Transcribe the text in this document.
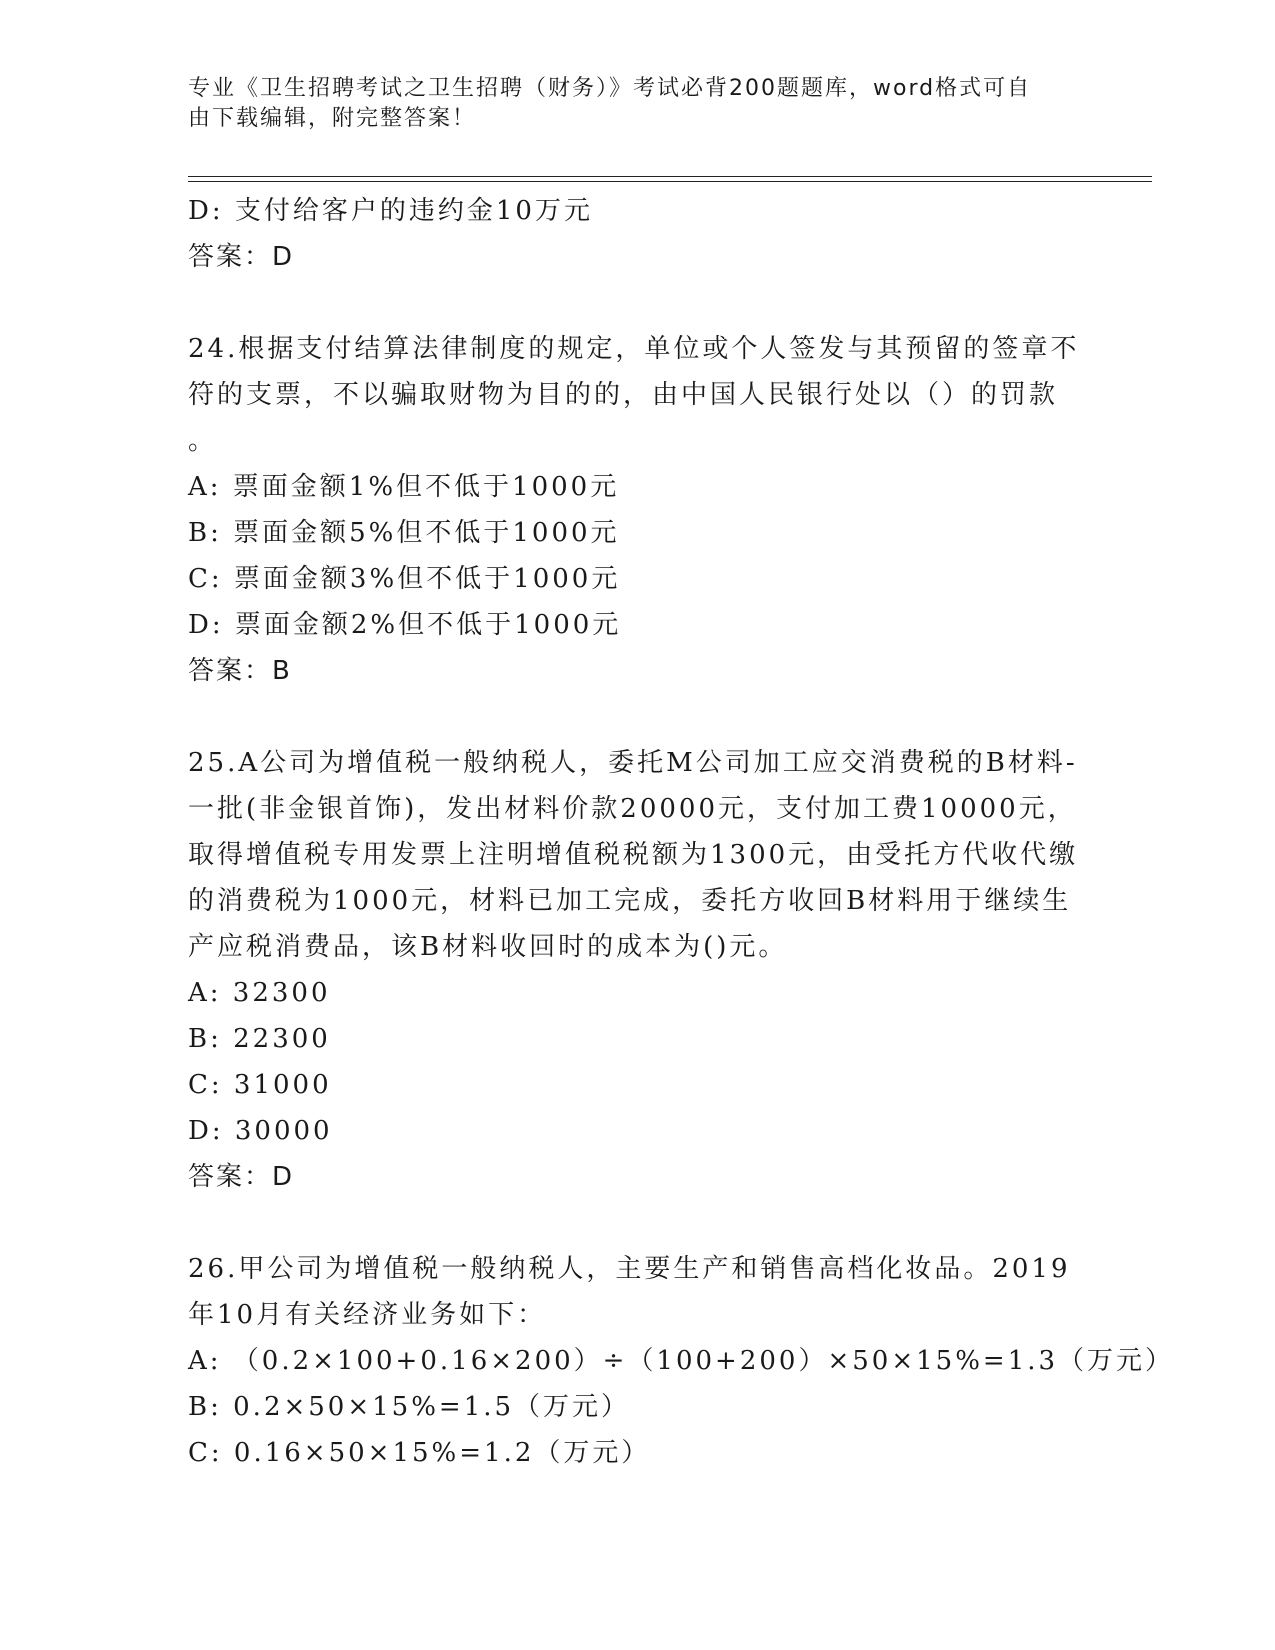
专业《卫生招聘考试之卫生招聘（财务）》考试必背200题题库，word格式可自
由下载编辑，附完整答案！
D: 支付给客户的违约金10万元
答案：D
24.根据支付结算法律制度的规定，单位或个人签发与其预留的签章不
符的支票，不以骗取财物为目的的，由中国人民银行处以（）的罚款
。
A: 票面金额1%但不低于1000元
B: 票面金额5%但不低于1000元
C: 票面金额3%但不低于1000元
D: 票面金额2%但不低于1000元
答案：B
25.A公司为增值税一般纳税人，委托M公司加工应交消费税的B材料-
一批(非金银首饰)，发出材料价款20000元，支付加工费10000元，
取得增值税专用发票上注明增值税税额为1300元，由受托方代收代缴
的消费税为1000元，材料已加工完成，委托方收回B材料用于继续生
产应税消费品，该B材料收回时的成本为()元。
A: 32300
B: 22300
C: 31000
D: 30000
答案：D
26.甲公司为增值税一般纳税人，主要生产和销售高档化妆品。2019
年10月有关经济业务如下：
A: （0.2×100+0.16×200）÷（100+200）×50×15%=1.3（万元）
B: 0.2×50×15%=1.5（万元）
C: 0.16×50×15%=1.2（万元）
